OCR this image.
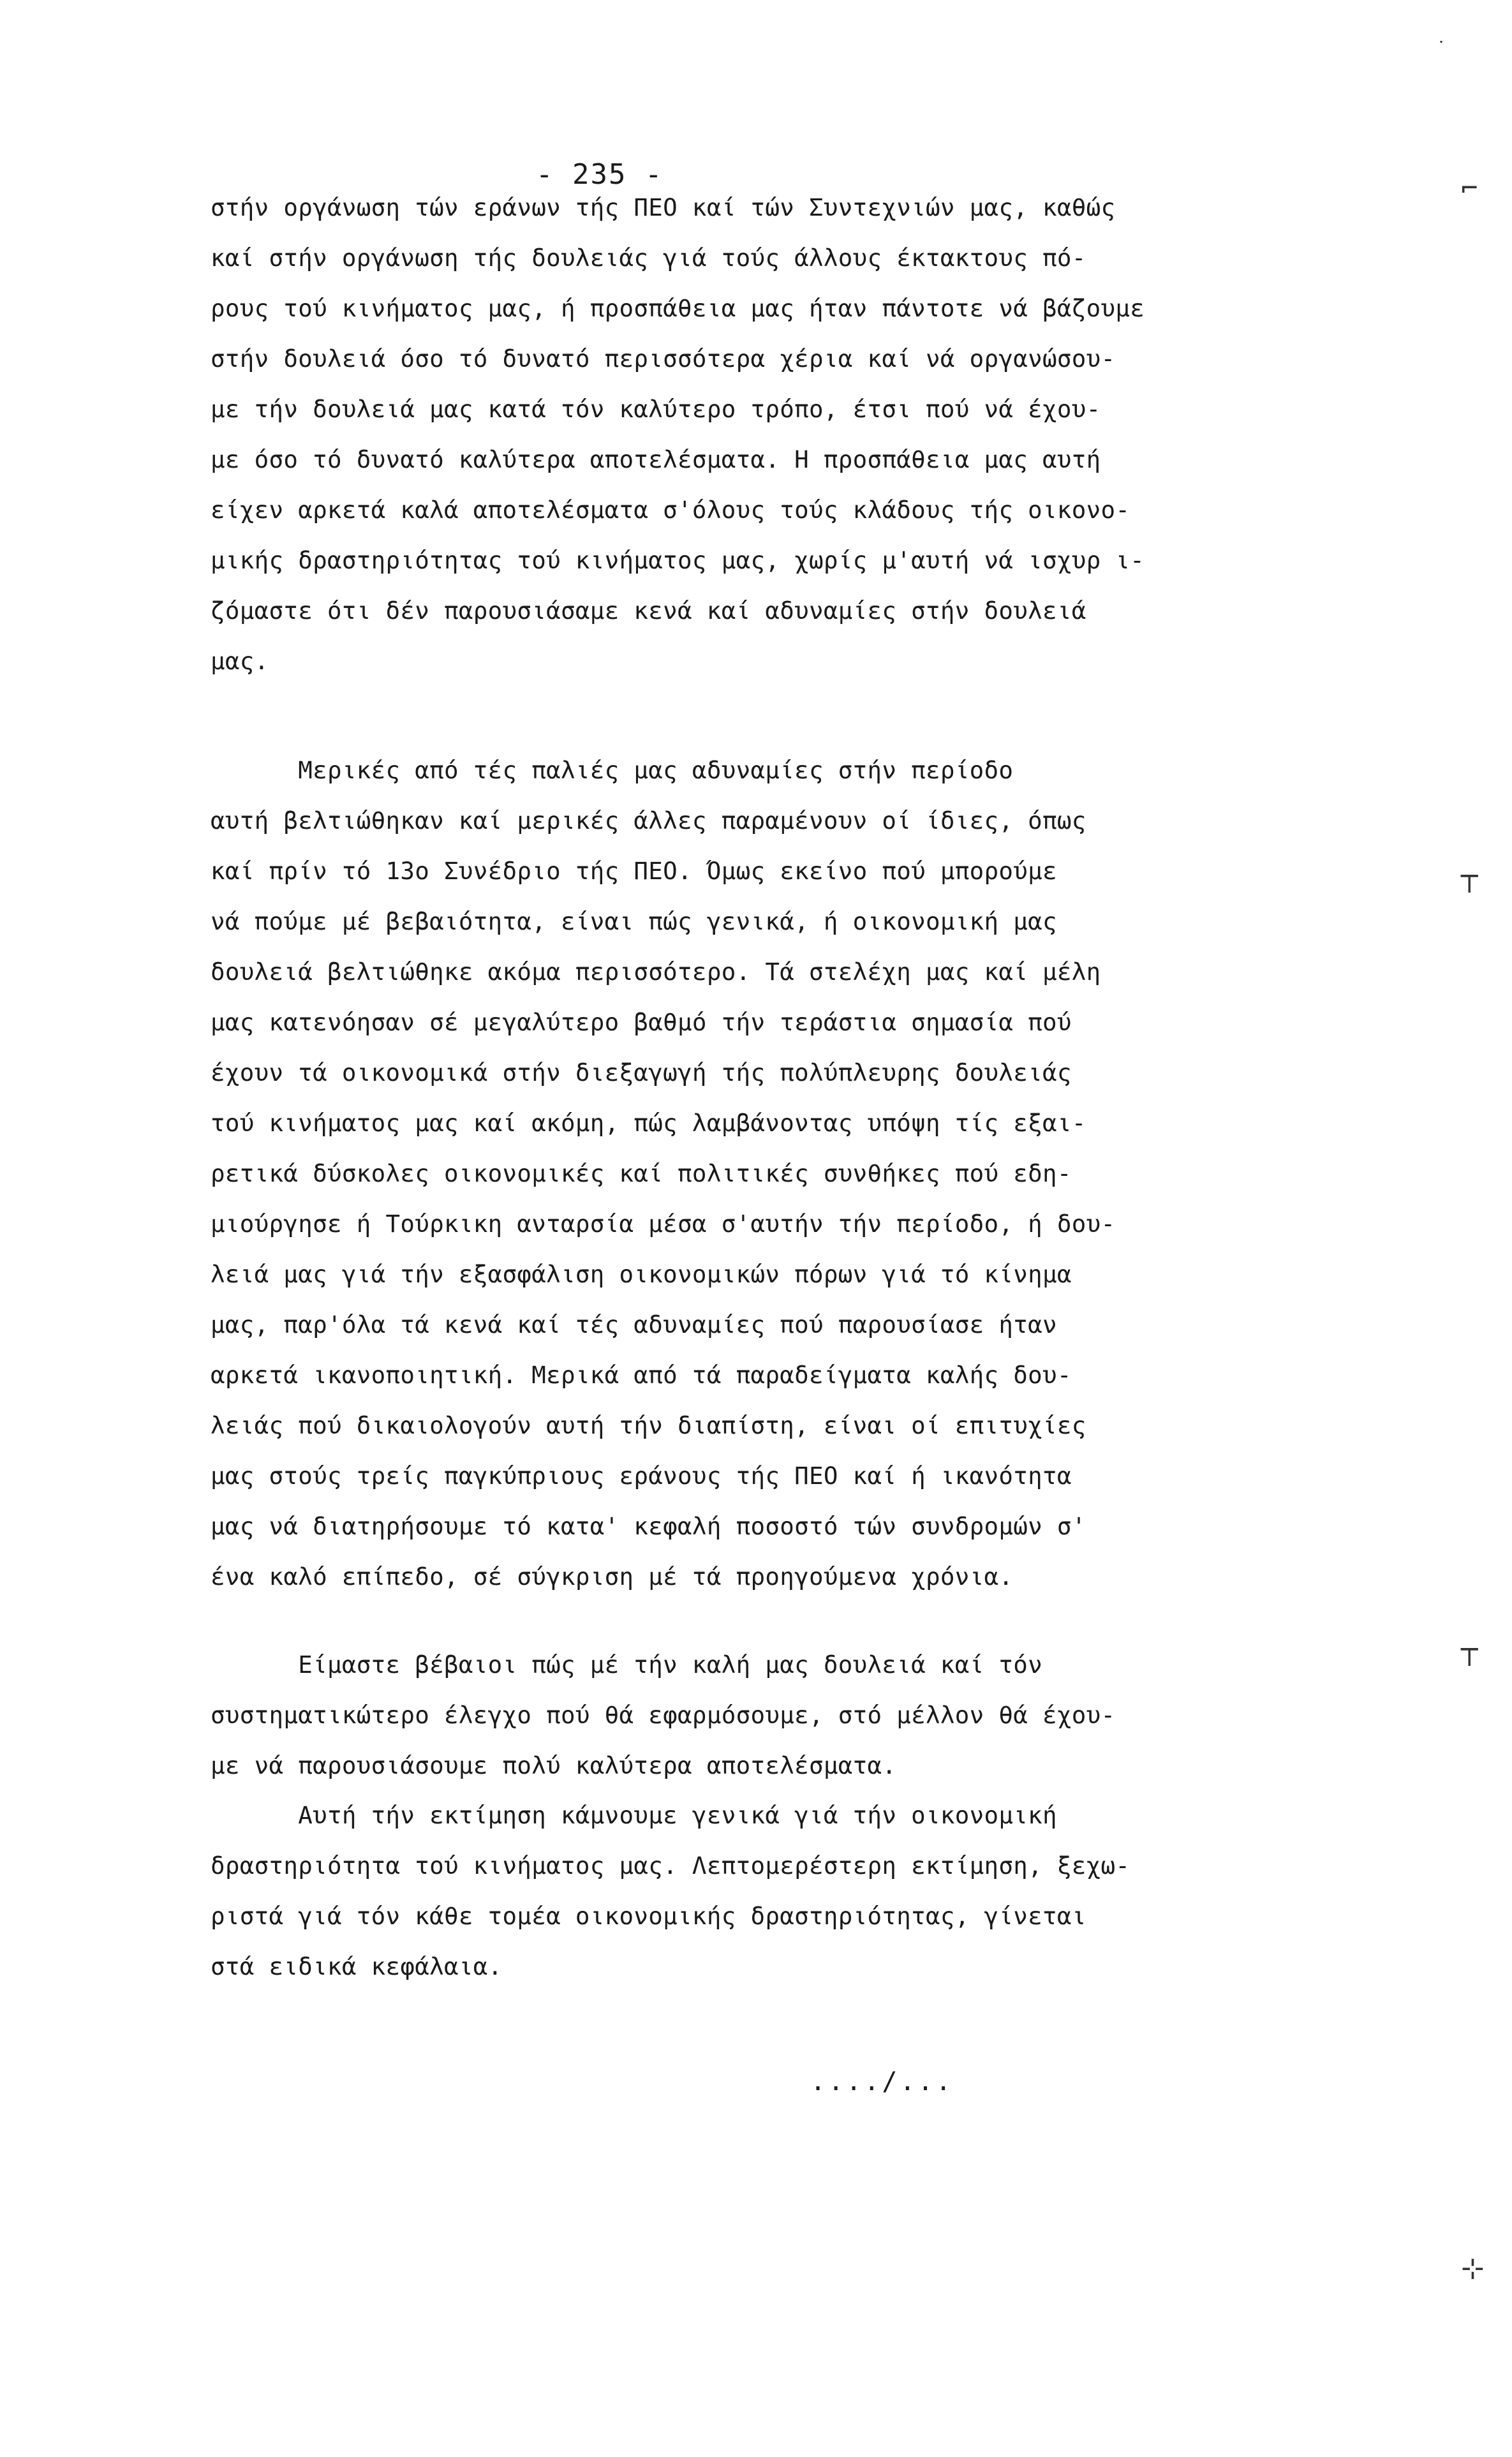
- 235 -
στήν οργάνωση τών εράνων τής ΠΕΟ καί τών Συντεχνιών μας, καθώς
καί στήν οργάνωση τής δουλειάς γιά τούς άλλους έκτακτους πό-
ρους τού κινήματος μας, ή προσπάθεια μας ήταν πάντοτε νά βάζουμε
στήν δουλειά όσο τό δυνατό περισσότερα χέρια καί νά οργανώσου-
με τήν δουλειά μας κατά τόν καλύτερο τρόπο, έτσι πού νά έχου-
με όσο τό δυνατό καλύτερα αποτελέσματα. Η προσπάθεια μας αυτή
είχεν αρκετά καλά αποτελέσματα σ'όλους τούς κλάδους τής οικονο-
μικής δραστηριότητας τού κινήματος μας, χωρίς μ'αυτή νά ισχυρ ι-
ζόμαστε ότι δέν παρουσιάσαμε κενά καί αδυναμίες στήν δουλειά
μας.
Μερικές από τές παλιές μας αδυναμίες στήν περίοδο
αυτή βελτιώθηκαν καί μερικές άλλες παραμένουν οί ίδιες, όπως
καί πρίν τό 13ο Συνέδριο τής ΠΕΟ. Όμως εκείνο πού μπορούμε
νά πούμε μέ βεβαιότητα, είναι πώς γενικά, ή οικονομική μας
δουλειά βελτιώθηκε ακόμα περισσότερο. Τά στελέχη μας καί μέλη
μας κατενόησαν σέ μεγαλύτερο βαθμό τήν τεράστια σημασία πού
έχουν τά οικονομικά στήν διεξαγωγή τής πολύπλευρης δουλειάς
τού κινήματος μας καί ακόμη, πώς λαμβάνοντας υπόψη τίς εξαι-
ρετικά δύσκολες οικονομικές καί πολιτικές συνθήκες πού εδη-
μιούργησε ή Τούρκικη ανταρσία μέσα σ'αυτήν τήν περίοδο, ή δου-
λειά μας γιά τήν εξασφάλιση οικονομικών πόρων γιά τό κίνημα
μας, παρ'όλα τά κενά καί τές αδυναμίες πού παρουσίασε ήταν
αρκετά ικανοποιητική. Μερικά από τά παραδείγματα καλής δου-
λειάς πού δικαιολογούν αυτή τήν διαπίστη, είναι οί επιτυχίες
μας στούς τρείς παγκύπριους εράνους τής ΠΕΟ καί ή ικανότητα
μας νά διατηρήσουμε τό κατα' κεφαλή ποσοστό τών συνδρομών σ'
ένα καλό επίπεδο, σέ σύγκριση μέ τά προηγούμενα χρόνια.
Είμαστε βέβαιοι πώς μέ τήν καλή μας δουλειά καί τόν
συστηματικώτερο έλεγχο πού θά εφαρμόσουμε, στό μέλλον θά έχου-
με νά παρουσιάσουμε πολύ καλύτερα αποτελέσματα.
Αυτή τήν εκτίμηση κάμνουμε γενικά γιά τήν οικονομική
δραστηριότητα τού κινήματος μας. Λεπτομερέστερη εκτίμηση, ξεχω-
ριστά γιά τόν κάθε τομέα οικονομικής δραστηριότητας, γίνεται
στά ειδικά κεφάλαια.
..../...
˙
⌐
┬
┬
⊹
